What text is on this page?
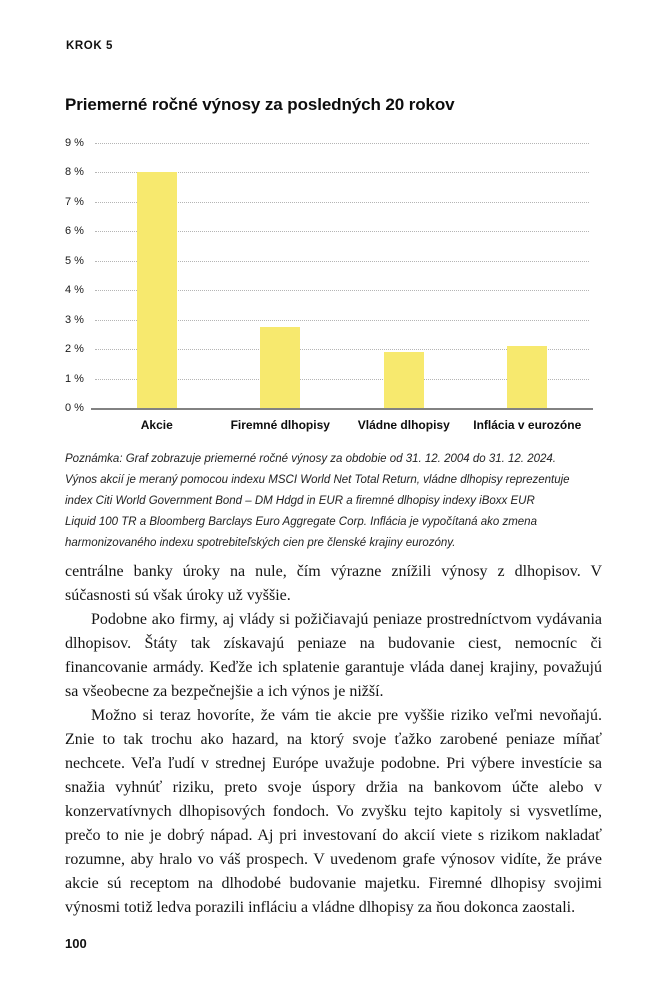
KROK 5
Priemerné ročné výnosy za posledných 20 rokov
0 %
1 %
2 %
3 %
4 %
5 %
6 %
7 %
8 %
9 %
Akcie	Firemné dlhopisy	Vládne dlhopisy	Inflácia v eurozóne
Poznámka: Graf zobrazuje priemerné ročné výnosy za obdobie od 31. 12. 2004 do 31. 12. 2024.
Výnos akcií je meraný pomocou indexu MSCI World Net Total Return, vládne dlhopisy reprezentuje
index Citi World Government Bond – DM Hdgd in EUR a firemné dlhopisy indexy iBoxx EUR
Liquid 100 TR a Bloomberg Barclays Euro Aggregate Corp. Inflácia je vypočítaná ako zmena
harmonizovaného indexu spotrebiteľských cien pre členské krajiny eurozóny.

centrálne banky úroky na nule, čím výrazne znížili výnosy z dlhopisov. V súčasnosti sú však úroky už vyššie.

Podobne ako firmy, aj vlády si požičiavajú peniaze prostredníctvom vydávania dlhopisov. Štáty tak získavajú peniaze na budovanie ciest, nemocníc či financovanie armády. Keďže ich splatenie garantuje vláda danej krajiny, považujú sa všeobecne za bezpečnejšie a ich výnos je nižší.

Možno si teraz hovoríte, že vám tie akcie pre vyššie riziko veľmi nevoňajú. Znie to tak trochu ako hazard, na ktorý svoje ťažko zarobené peniaze míňať nechcete. Veľa ľudí v strednej Európe uvažuje podobne. Pri výbere investície sa snažia vyhnúť riziku, preto svoje úspory držia na bankovom účte alebo v konzervatívnych dlhopisových fondoch. Vo zvyšku tejto kapitoly si vysvetlíme, prečo to nie je dobrý nápad. Aj pri investovaní do akcií viete s rizikom nakladať rozumne, aby hralo vo váš prospech. V uvedenom grafe výnosov vidíte, že práve akcie sú receptom na dlhodobé budovanie majetku. Firemné dlhopisy svojimi výnosmi totiž ledva porazili infláciu a vládne dlhopisy za ňou dokonca zaostali.

100
